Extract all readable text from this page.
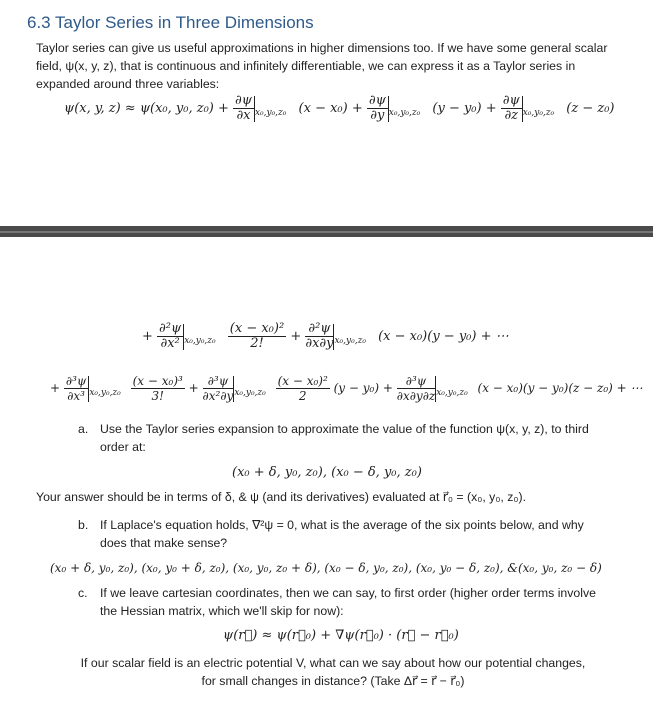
6.3 Taylor Series in Three Dimensions
Taylor series can give us useful approximations in higher dimensions too. If we have some general scalar field, ψ(x, y, z), that is continuous and infinitely differentiable, we can express it as a Taylor series in expanded around three variables:
ψ(x, y, z) ≈ ψ(x₀, y₀, $z_0) + \frac{\partial\psi}{\partial x} _{x_0,y_0,z_0}$ $(x - x_0) + \frac{\partial\psi}{\partial y} _{x_0,y_0,z_0}$ $(y - y_0) + \frac{\partial\psi}{\partial z} _{x_0,y_0,z_0}$ (z − z₀)
+ $\frac{\text{∂²ψ}}{\text{∂x²}} _{x_0,y_0,z_0} \frac{\text{(x − x₀)²}}{2!} + \frac{\text{∂²ψ}}{\partial x\partial y} _{x_0,y_0,z_0}$ (x − x₀)(y − y₀) + ⋯
+ $\frac{\text{∂³ψ}}{\text{∂x³}} _{x_0,y_0,z_0} \frac{\text{(x − x₀)³}}{3!} + \frac{\text{∂³ψ}}{\text{∂x²∂y}} _{x_0,y_0,z_0} \frac{\text{(x − x₀)²}}{2} (y - y_0) + \frac{\text{∂³ψ}}{\partial x\partial y\partial z} _{x_0,y_0,z_0}$ (x − x₀)(y − y₀)(z − z₀) + ⋯
a. Use the Taylor series expansion to approximate the value of the function ψ(x, y, z), to third order at:
(x₀ + δ, y₀, z₀), (x₀ − δ, y₀, z₀)
Your answer should be in terms of δ, & ψ (and its derivatives) evaluated at r⃗₀ = (x₀, y₀, z₀).
b. If Laplace's equation holds, ∇²ψ = 0, what is the average of the six points below, and why does that make sense?
(x₀ + δ, y₀, z₀), (x₀, y₀ + δ, z₀), (x₀, y₀, z₀ + δ), (x₀ − δ, y₀, z₀), (x₀, y₀ − δ, z₀), &(x₀, y₀, z₀ − δ)
c. If we leave cartesian coordinates, then we can say, to first order (higher order terms involve the Hessian matrix, which we'll skip for now):
ψ(r⃗) ≈ ψ(r⃗₀) + ∇ψ(r⃗₀) · (r⃗ − r⃗₀)
If our scalar field is an electric potential V, what can we say about how our potential changes, for small changes in distance? (Take Δr⃗ = r⃗ − r⃗₀)
